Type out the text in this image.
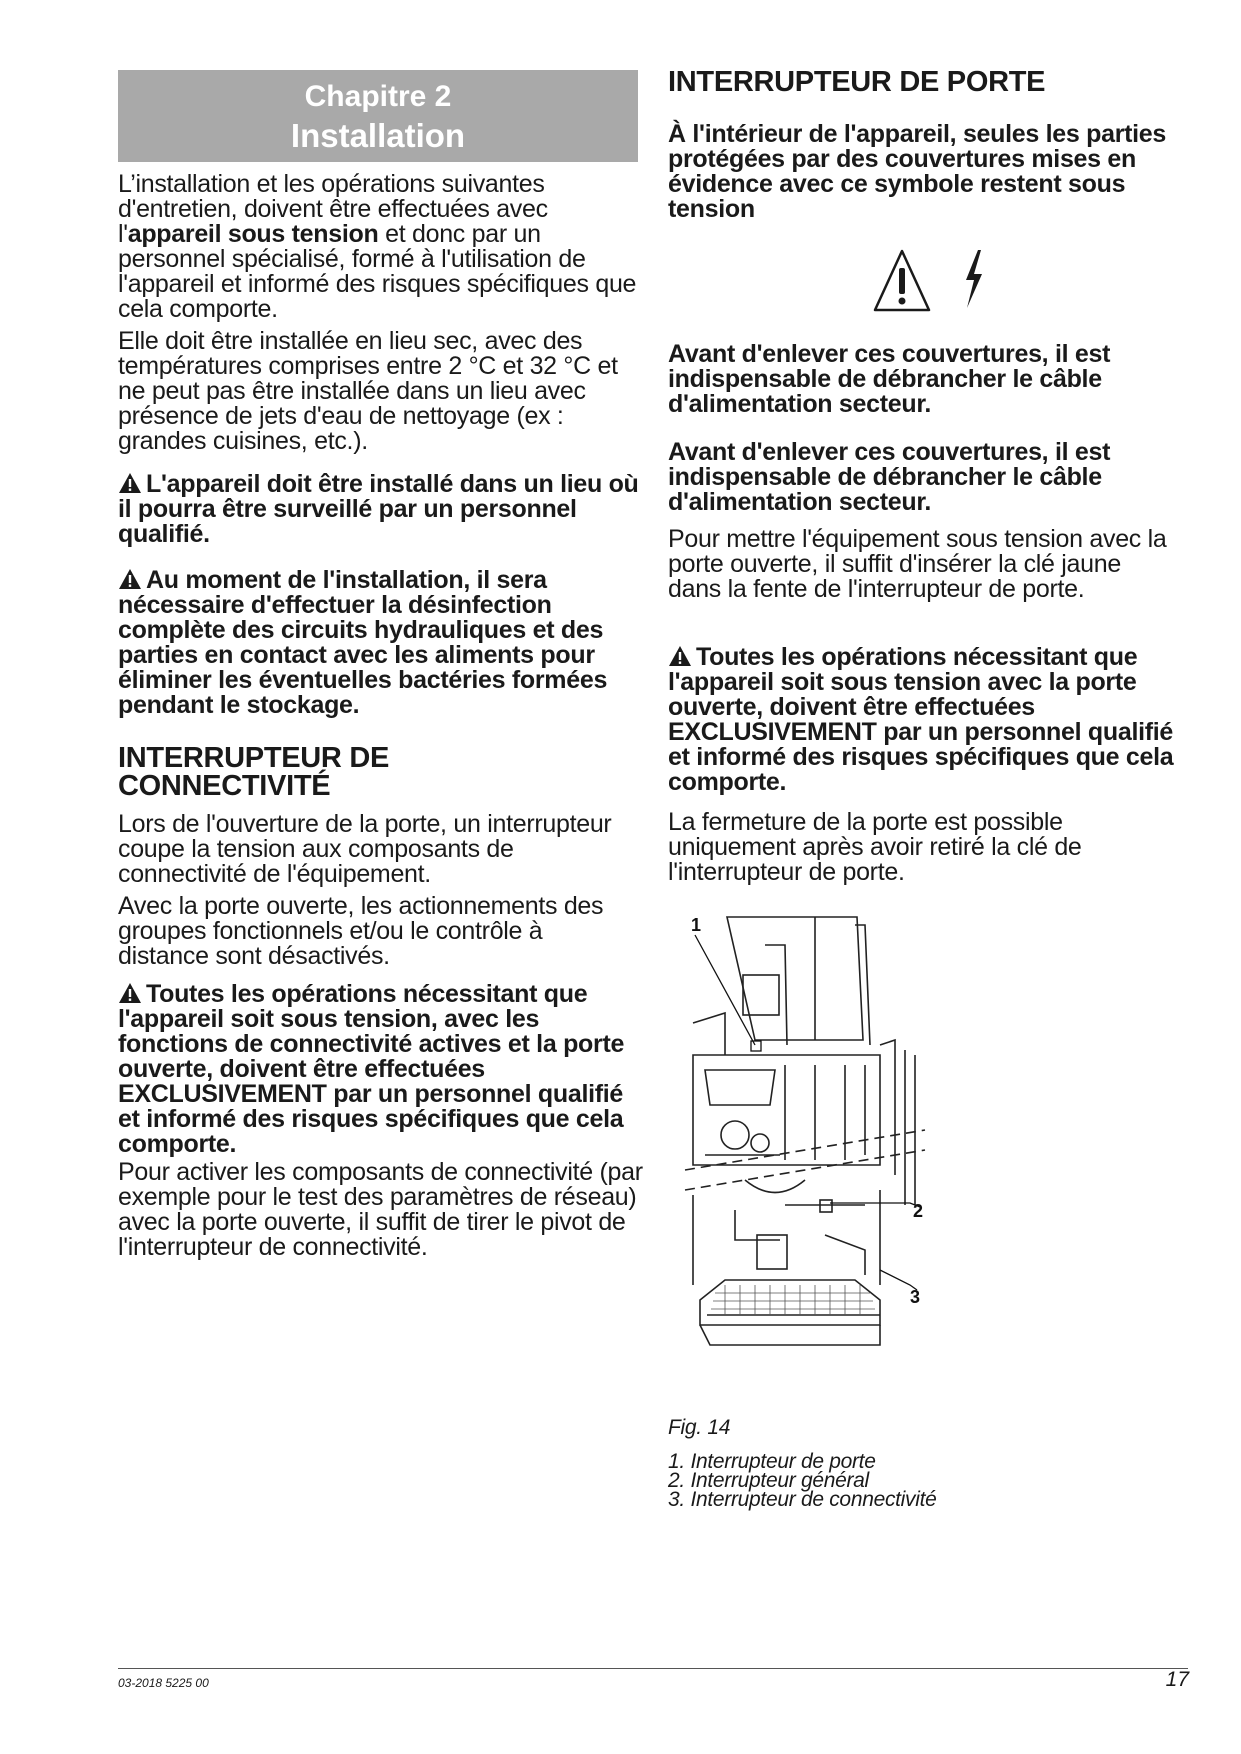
Chapitre 2
Installation

L’installation et les opérations suivantes d'entretien, doivent être effectuées avec l'appareil sous tension et donc par un personnel spécialisé, formé à l'utilisation de l'appareil et informé des risques spécifiques que cela comporte.

Elle doit être installée en lieu sec, avec des températures comprises entre 2 °C et 32 °C et ne peut pas être installée dans un lieu avec présence de jets d'eau de nettoyage (ex : grandes cuisines, etc.).

L'appareil doit être installé dans un lieu où il pourra être surveillé par un personnel qualifié.
Au moment de l'installation, il sera nécessaire d'effectuer la désinfection complète des circuits hydrauliques et des parties en contact avec les aliments pour éliminer les éventuelles bactéries formées pendant le stockage.
INTERRUPTEUR DE CONNECTIVITÉ

Lors de l'ouverture de la porte, un interrupteur coupe la tension aux composants de connectivité de l'équipement.

Avec la porte ouverte, les actionnements des groupes fonctionnels et/ou le contrôle à distance sont désactivés.

Toutes les opérations nécessitant que l'appareil soit sous tension, avec les fonctions de connectivité actives et la porte ouverte, doivent être effectuées EXCLUSIVEMENT par un personnel qualifié et informé des risques spécifiques que cela comporte.
Pour activer les composants de connectivité (par exemple pour le test des paramètres de réseau) avec la porte ouverte, il suffit de tirer le pivot de l'interrupteur de connectivité.
INTERRUPTEUR DE PORTE
À l'intérieur de l'appareil, seules les parties protégées par des couvertures mises en évidence avec ce symbole restent sous tension
Avant d'enlever ces couvertures, il est indispensable de débrancher le câble d'alimentation secteur.
Avant d'enlever ces couvertures, il est indispensable de débrancher le câble d'alimentation secteur.
Pour mettre l'équipement sous tension avec la porte ouverte, il suffit d'insérer la clé jaune dans la fente de l'interrupteur de porte.
Toutes les opérations nécessitant que l'appareil soit sous tension avec la porte ouverte, doivent être effectuées EXCLUSIVEMENT par un personnel qualifié et informé des risques spécifiques que cela comporte.
La fermeture de la porte est possible uniquement après avoir retiré la clé de l'interrupteur de porte.
1
2
3
Fig. 14
1. Interrupteur de porte
2. Interrupteur général
3. Interrupteur de connectivité
03-2018 5225 00	17
